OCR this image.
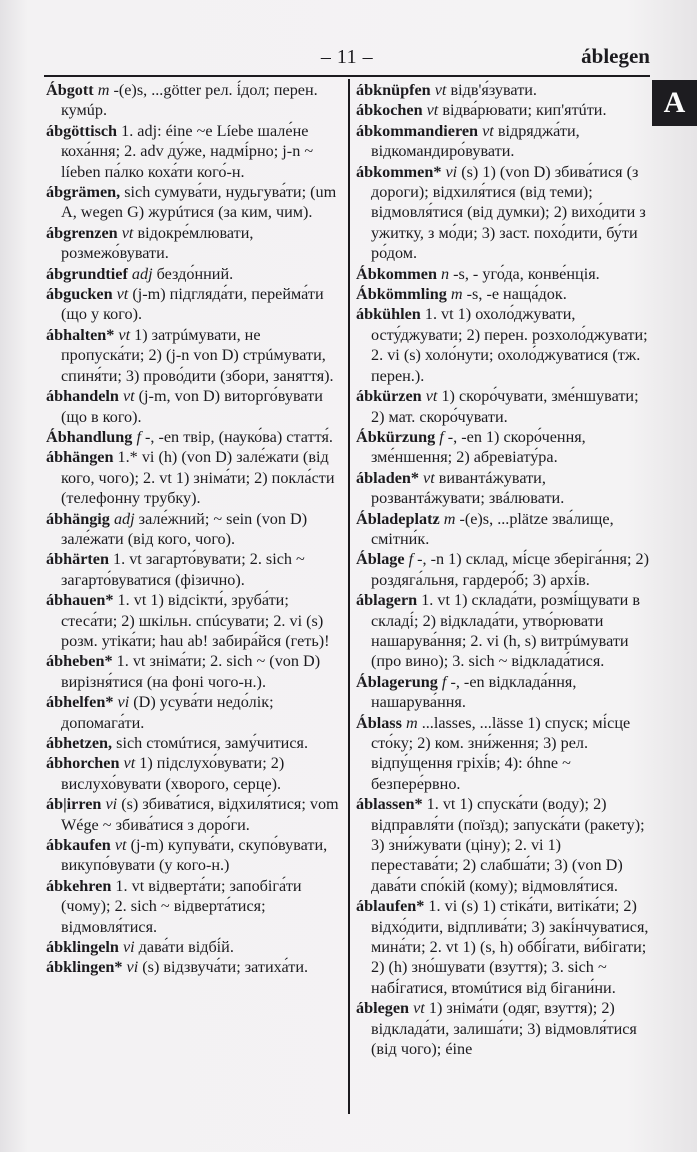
– 11 –	áblegen
A

Ábgott m -(e)s, ...götter рел. і́дол; перен. кумúр.

ábgöttisch 1. adj: éine ~e Líebe шале́не коха́ння; 2. adv ду́же, надмі́рно; j-n ~ líeben па́лко коха́ти кого́-н.

ábgrämen, sich сумува́ти, нудьгува́ти; (um A, wegen G) журúтися (за ким, чим).

ábgrenzen vt відокре́млювати, розмежо́вувати.

ábgrundtief adj бездо́нний.

ábgucken vt (j-m) підгляда́ти, перейма́ти (що у кого).

ábhalten* vt 1) затрúмувати, не пропуска́ти; 2) (j-n von D) стрúмувати, спиня́ти; 3) прово́дити (збори, заняття).

ábhandeln vt (j-m, von D) виторго́вувати (що в кого).

Ábhandlung f -, -en твір, (науко́ва) стаття́.

ábhängen 1.* vi (h) (von D) зале́жати (від кого, чого); 2. vt 1) зніма́ти; 2) покла́сти (телефонну трубку).

ábhängig adj зале́жний; ~ sein (von D) зале́жати (від кого, чого).

ábhärten 1. vt загарто́вувати; 2. sich ~ загарто́вуватися (фізично).

ábhauen* 1. vt 1) відсікти́, зруба́ти; стеса́ти; 2) шкільн. спúсувати; 2. vi (s) розм. утіка́ти; hau ab! забира́йся (геть)!

ábheben* 1. vt зніма́ти; 2. sich ~ (von D) вирізня́тися (на фоні чого-н.).

ábhelfen* vi (D) усува́ти недо́лік; допомага́ти.

ábhetzen, sich стомúтися, заму́читися.

ábhorchen vt 1) підслухо́вувати; 2) вислухо́вувати (хворого, серце).

áb|irren vi (s) збива́тися, відхиля́тися; vom Wége ~ збива́тися з доро́ги.

ábkaufen vt (j-m) купува́ти, скупо́вувати, викупо́вувати (у кого-н.)

ábkehren 1. vt відверта́ти; запобіга́ти (чому); 2. sich ~ відверта́тися; відмовля́тися.

ábklingeln vi дава́ти відбі́й.

ábklingen* vi (s) відзвуча́ти; затиха́ти.

ábknüpfen vt відв'я́зувати.

ábkochen vt відва́рювати; кип'ятúти.

ábkommandieren vt відряджа́ти, відкомандиро́вувати.

ábkommen* vi (s) 1) (von D) збива́тися (з дороги); відхиля́тися (від теми); відмовля́тися (від думки); 2) вихо́дити з ужитку, з мо́ди; 3) заст. похо́дити, бу́ти ро́дом.

Ábkommen n -s, - уго́да, конве́нція.

Ábkömmling m -s, -e наща́док.

ábkühlen 1. vt 1) охоло́джувати, осту́джувати; 2) перен. розхоло́джувати; 2. vi (s) холо́нути; охоло́джуватися (тж. перен.).

ábkürzen vt 1) скоро́чувати, зме́ншувати; 2) мат. скоро́чувати.

Ábkürzung f -, -en 1) скоро́чення, зме́ншення; 2) абревіату́ра.

ábladen* vt вивантáжувати, розвантáжувати; звáлювати.

Ábladeplatz m -(e)s, ...plätze зва́лище, смітни́к.

Áblage f -, -n 1) склад, мі́сце зберіга́ння; 2) роздяга́льня, гардеро́б; 3) архі́в.

áblagern 1. vt 1) склада́ти, розмі́щувати в складі́; 2) відклада́ти, утво́рювати нашарува́ння; 2. vi (h, s) витрúмувати (про вино); 3. sich ~ відклада́тися.

Áblagerung f -, -en відклада́ння, нашарува́ння.

Áblass m ...lasses, ...lässe 1) спуск; мі́сце сто́ку; 2) ком. зни́ження; 3) рел. відпу́щення гріхі́в; 4): óhne ~ безпере́рвно.

áblassen* 1. vt 1) спуска́ти (воду); 2) відправля́ти (поїзд); запуска́ти (ракету); 3) зни́жувати (ціну); 2. vi 1) перестава́ти; 2) слабша́ти; 3) (von D) дава́ти спо́кій (кому); відмовля́тися.

áblaufen* 1. vi (s) 1) стіка́ти, витіка́ти; 2) відхо́дити, відплива́ти; 3) закі́нчуватися, мина́ти; 2. vt 1) (s, h) оббі́гати, ви́бігати; 2) (h) зно́шувати (взуття); 3. sich ~ набі́гатися, втомúтися від бігани́ни.

áblegen vt 1) зніма́ти (одяг, взуття); 2) відклада́ти, залиша́ти; 3) відмовля́тися (від чого); éine
